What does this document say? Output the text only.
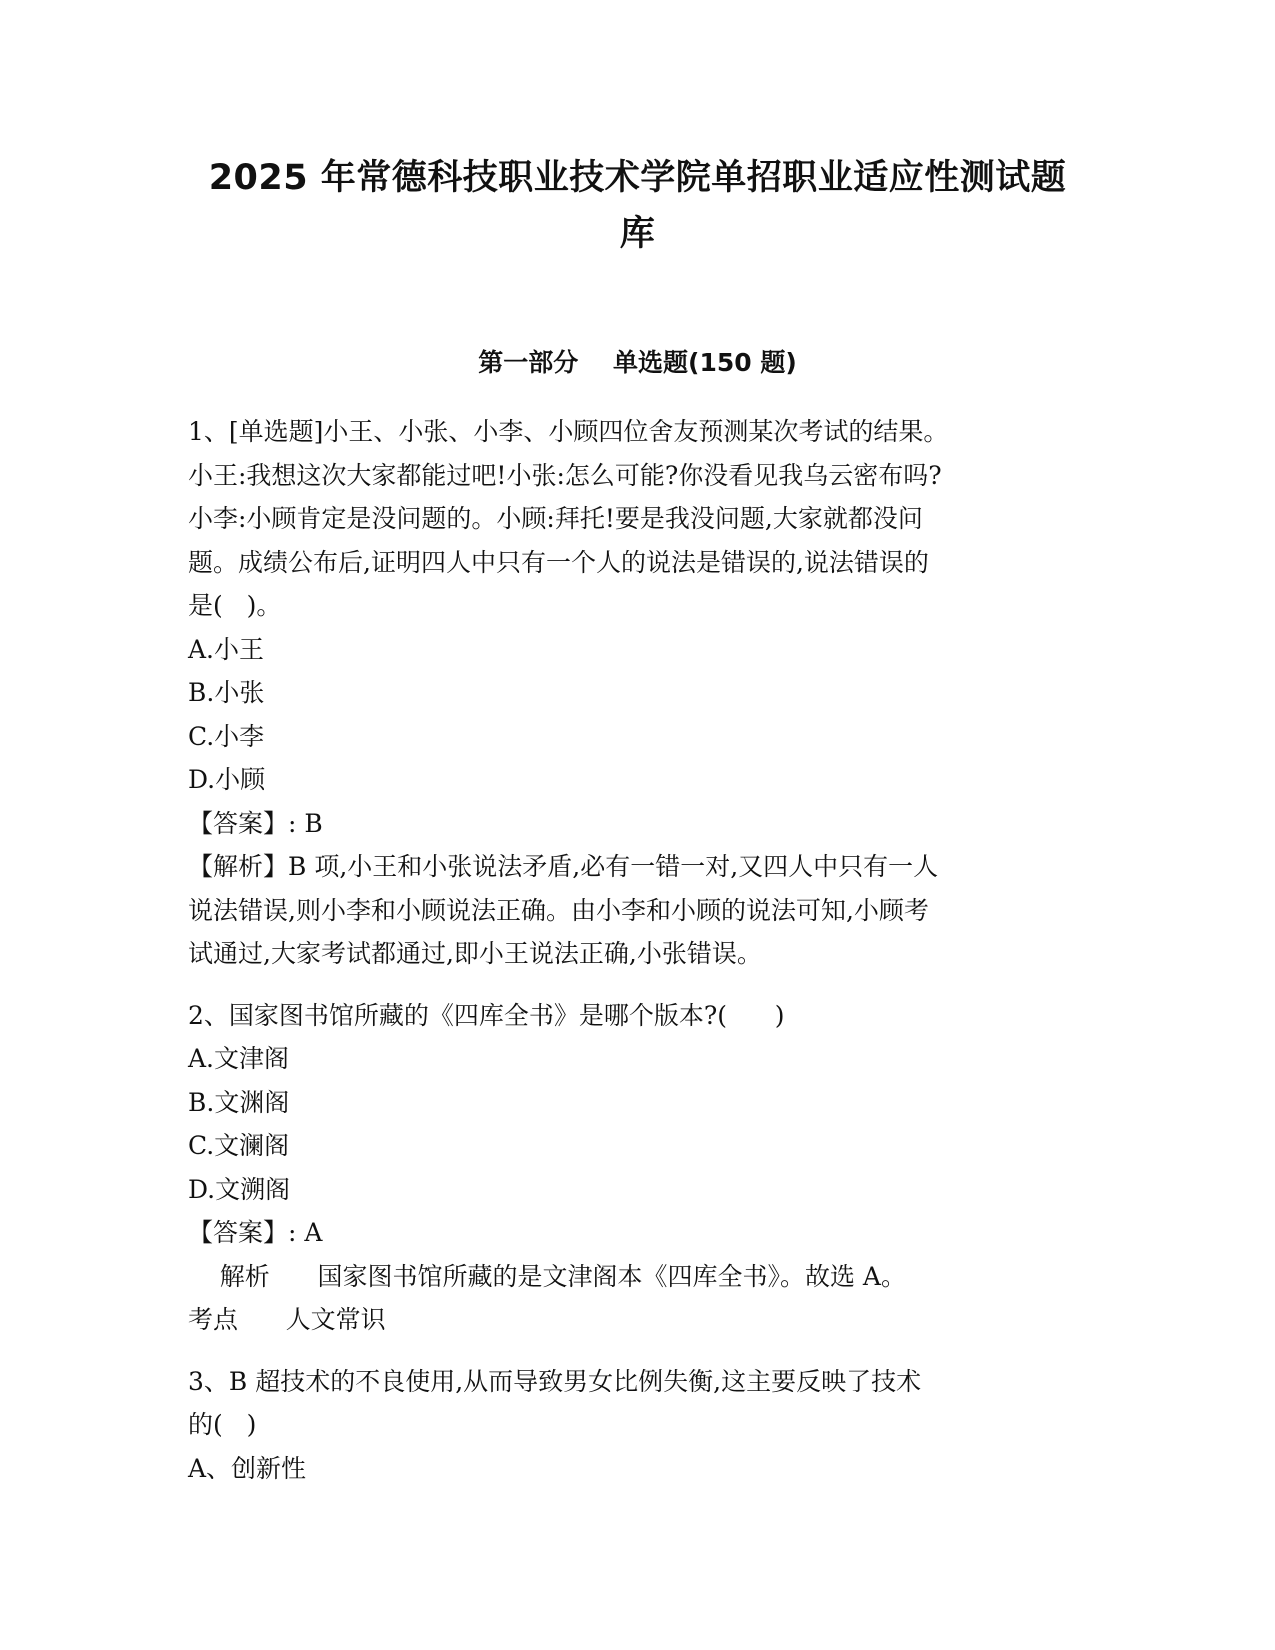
2025 年常德科技职业技术学院单招职业适应性测试题
库
第一部分    单选题(150 题)
1、[单选题]小王、小张、小李、小顾四位舍友预测某次考试的结果。
小王:我想这次大家都能过吧!小张:怎么可能?你没看见我乌云密布吗?
小李:小顾肯定是没问题的。小顾:拜托!要是我没问题,大家就都没问
题。成绩公布后,证明四人中只有一个人的说法是错误的,说法错误的
是(   )。
A.小王
B.小张
C.小李
D.小顾
【答案】: B
【解析】B 项,小王和小张说法矛盾,必有一错一对,又四人中只有一人
说法错误,则小李和小顾说法正确。由小李和小顾的说法可知,小顾考
试通过,大家考试都通过,即小王说法正确,小张错误。
2、国家图书馆所藏的《四库全书》是哪个版本?(      )
A.文津阁
B.文渊阁
C.文澜阁
D.文溯阁
【答案】: A
解析      国家图书馆所藏的是文津阁本《四库全书》。故选 A。
考点      人文常识
3、B 超技术的不良使用,从而导致男女比例失衡,这主要反映了技术
的(   )
A、创新性
